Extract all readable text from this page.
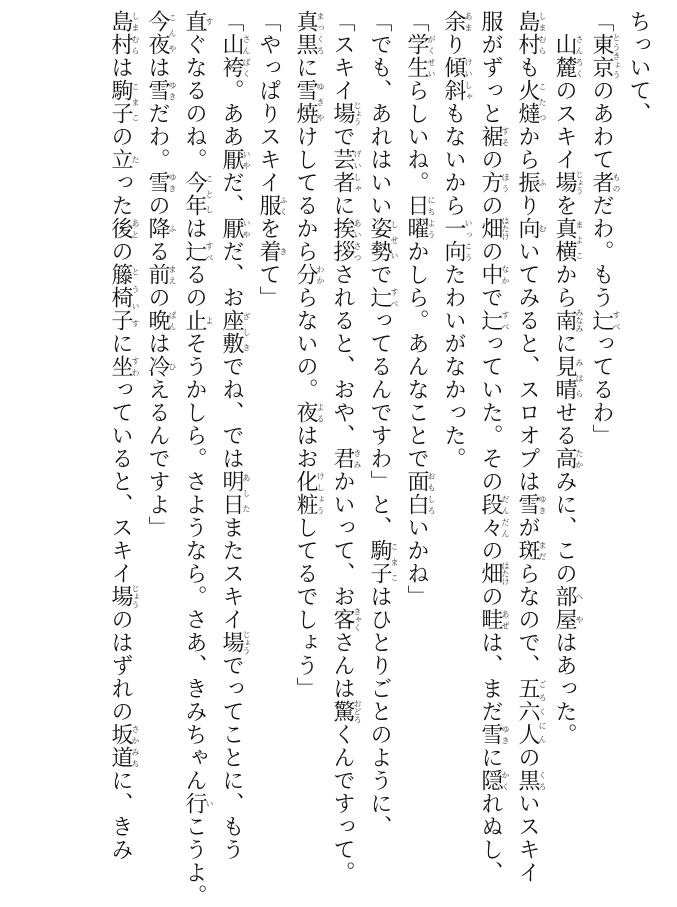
ちっいて、
「東京とうきょうのあわて者ものだわ。もう辷すべってるわ」
　山麓さんろくのスキイ場じょうを真横まよこから南みなみに見晴みはらせる高たかみに、この部屋へやはあった。
島村しまむらも火燵こたつから振ふり向むいてみると、スロオプは雪ゆきが斑まだらなので、五六人ごろくにんの黒くろいスキイ
服がずっと裾すその方ほうの畑はたけの中なかで辷すべっていた。その段々だんだんの畑はたけの畦あぜは、まだ雪ゆきに隠かくれぬし、
余あまり傾斜けいしゃもないから一向いっこうたわいがなかった。
「学生がくせいらしいね。日曜にちようかしら。あんなことで面白おもしろいかね」
「でも、あれはいい姿勢しせいで辷すべってるんですわ」と、駒子こまこはひとりごとのように、
「スキイ場じょうで芸者げいしゃに挨拶あいさつされると、おや、君きみかいって、お客きゃくさんは驚おどろくんですって。
真黒まっくろに雪焼ゆきやけしてるから分わからないの。夜よるはお化粧けしょうしてるでしょう」
「やっぱりスキイ服ふくを着きて」
「山袴さんばく。ああ厭いやだ、厭いやだ、お座敷ざしきでね、では明日あしたまたスキイ場じょうでってことに、もう
直すぐなるのね。今年ことしは辷すべるの止よそうかしら。さようなら。さあ、きみちゃん行いこうよ。
今夜こんやは雪ゆきだわ。雪ゆきの降ふる前まえの晩ばんは冷ひえるんですよ」
島村しまむらは駒子こまこの立たった後あとの籐椅子とういすに坐すわっていると、スキイ場じょうのはずれの坂道さかみちに、きみ
